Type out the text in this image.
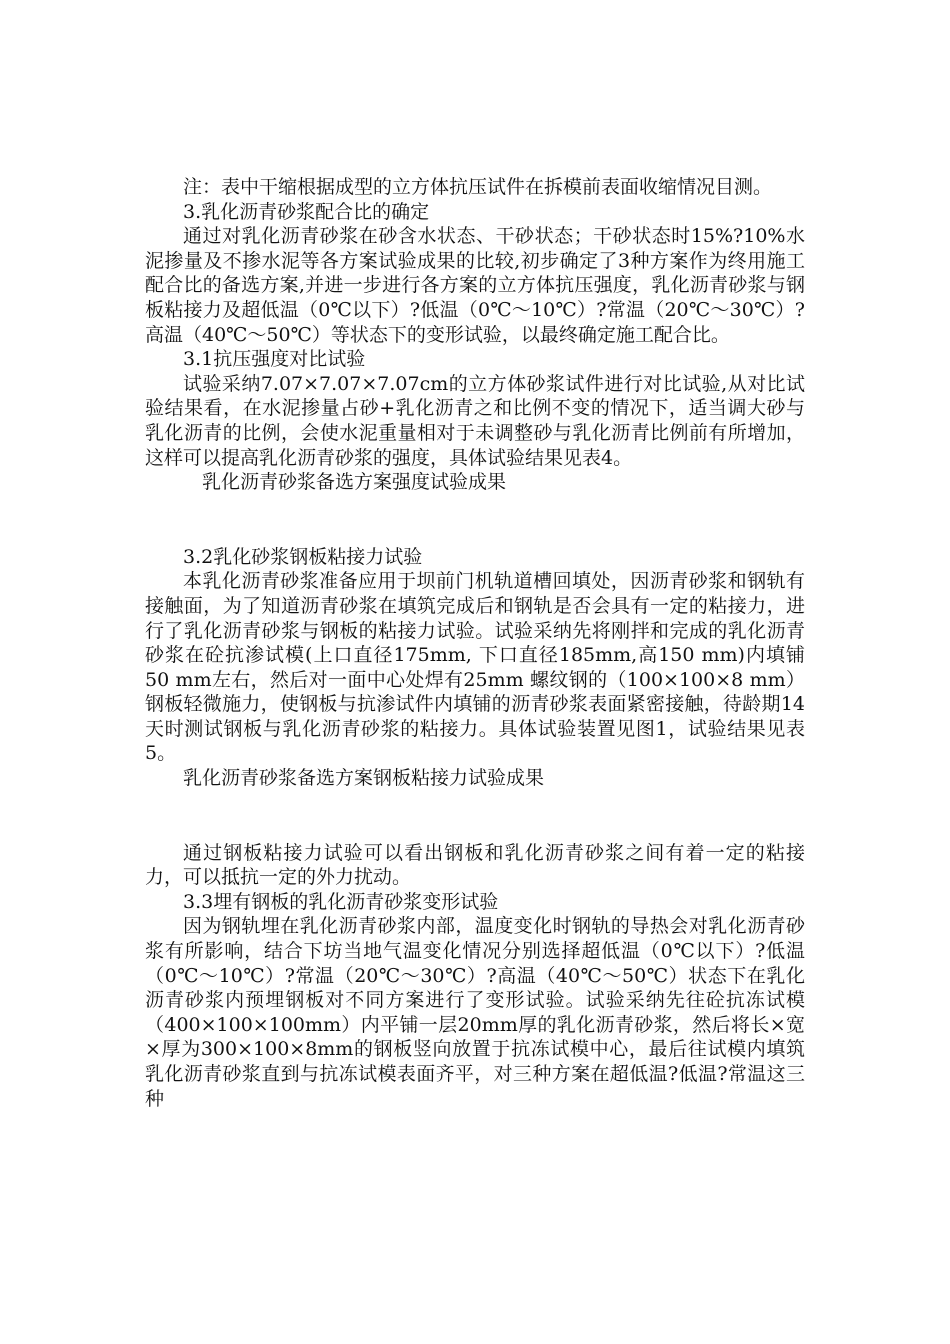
注：表中干缩根据成型的立方体抗压试件在拆模前表面收缩情况目测。

3.乳化沥青砂浆配合比的确定

通过对乳化沥青砂浆在砂含水状态、干砂状态；干砂状态时15%?10%水泥掺量及不掺水泥等各方案试验成果的比较,初步确定了3种方案作为终用施工配合比的备选方案,并进一步进行各方案的立方体抗压强度，乳化沥青砂浆与钢板粘接力及超低温（0℃以下）?低温（0℃～10℃）?常温（20℃～30℃）?高温（40℃～50℃）等状态下的变形试验，以最终确定施工配合比。

3.1抗压强度对比试验

试验采纳7.07×7.07×7.07cm的立方体砂浆试件进行对比试验,从对比试验结果看，在水泥掺量占砂+乳化沥青之和比例不变的情况下，适当调大砂与乳化沥青的比例，会使水泥重量相对于未调整砂与乳化沥青比例前有所增加，这样可以提高乳化沥青砂浆的强度，具体试验结果见表4。

乳化沥青砂浆备选方案强度试验成果

3.2乳化砂浆钢板粘接力试验

本乳化沥青砂浆准备应用于坝前门机轨道槽回填处，因沥青砂浆和钢轨有接触面，为了知道沥青砂浆在填筑完成后和钢轨是否会具有一定的粘接力，进行了乳化沥青砂浆与钢板的粘接力试验。试验采纳先将刚拌和完成的乳化沥青砂浆在砼抗渗试模(上口直径175mm, 下口直径185mm,高150 mm)内填铺50 mm左右，然后对一面中心处焊有25mm 螺纹钢的（100×100×8 mm）钢板轻微施力，使钢板与抗渗试件内填铺的沥青砂浆表面紧密接触，待龄期14天时测试钢板与乳化沥青砂浆的粘接力。具体试验装置见图1，试验结果见表5。

乳化沥青砂浆备选方案钢板粘接力试验成果

通过钢板粘接力试验可以看出钢板和乳化沥青砂浆之间有着一定的粘接力，可以抵抗一定的外力扰动。

3.3埋有钢板的乳化沥青砂浆变形试验

因为钢轨埋在乳化沥青砂浆内部，温度变化时钢轨的导热会对乳化沥青砂浆有所影响，结合下坊当地气温变化情况分别选择超低温（0℃以下）?低温（0℃～10℃）?常温（20℃～30℃）?高温（40℃～50℃）状态下在乳化沥青砂浆内预埋钢板对不同方案进行了变形试验。试验采纳先往砼抗冻试模（400×100×100mm）内平铺一层20mm厚的乳化沥青砂浆，然后将长×宽×厚为300×100×8mm的钢板竖向放置于抗冻试模中心，最后往试模内填筑乳化沥青砂浆直到与抗冻试模表面齐平，对三种方案在超低温?低温?常温这三种
